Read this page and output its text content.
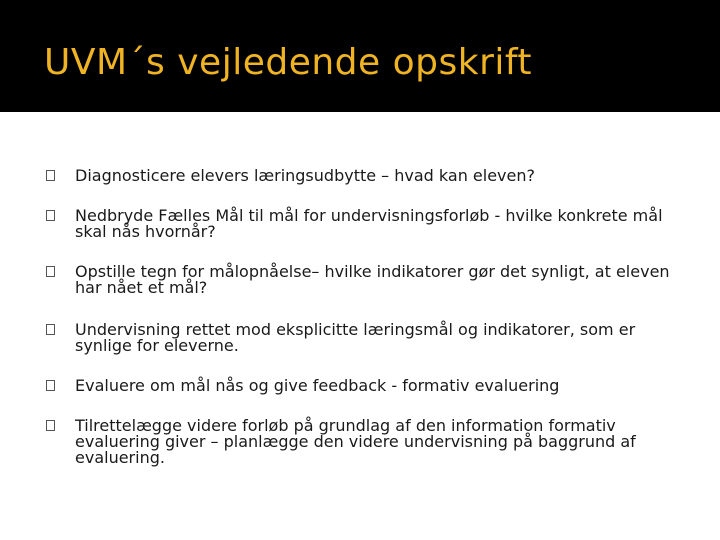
UVM´s vejledende opskrift
Diagnosticere elevers læringsudbytte – hvad kan eleven?
Nedbryde Fælles Mål til mål for undervisningsforløb - hvilke konkrete mål skal nås hvornår?
Opstille tegn for målopnåelse– hvilke indikatorer gør det synligt, at eleven har nået et mål?
Undervisning rettet mod eksplicitte læringsmål og indikatorer, som er synlige for eleverne.
Evaluere om mål nås og give feedback - formativ evaluering
Tilrettelægge videre forløb på grundlag af den information formativ evaluering giver – planlægge den videre undervisning på baggrund af evaluering.
